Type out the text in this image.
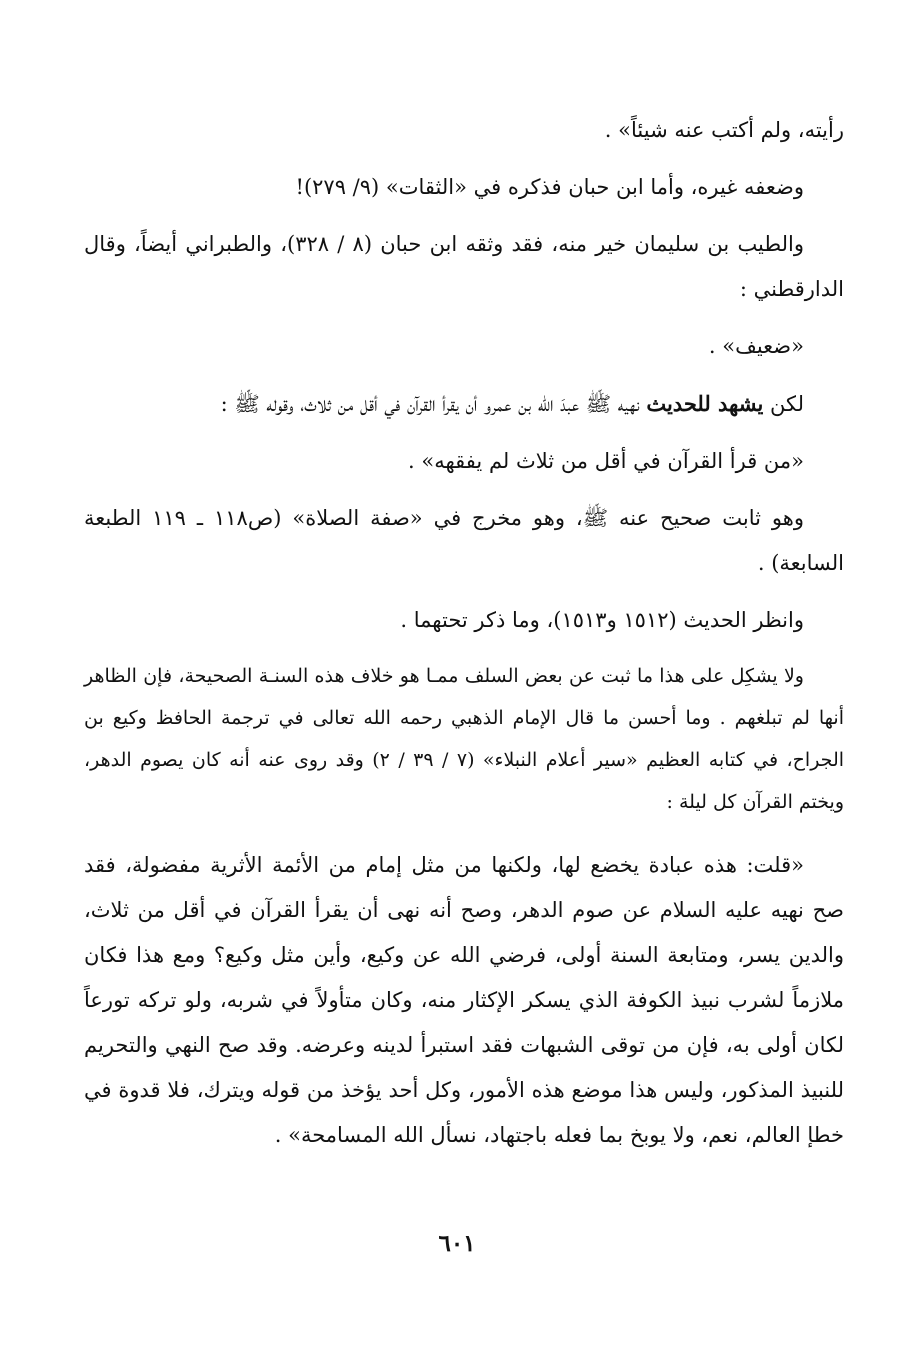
رأيته، ولم أكتب عنه شيئاً» .

وضعفه غيره، وأما ابن حبان فذكره في «الثقات» (٩/ ٢٧٩)!

والطيب بن سليمان خير منه، فقد وثقه ابن حبان (٨ / ٣٢٨)، والطبراني أيضاً، وقال الدارقطني :

«ضعيف» .

لكن يشهد للحديث نهيه ﷺ عبدَ الله بن عمرو أن يقرأ القرآن في أقل من ثلاث، وقوله ﷺ :

«من قرأ القرآن في أقل من ثلاث لم يفقهه» .

وهو ثابت صحيح عنه ﷺ، وهو مخرج في «صفة الصلاة» (ص١١٨ ـ ١١٩ الطبعة السابعة) .

وانظر الحديث (١٥١٢ و١٥١٣)، وما ذكر تحتهما .

ولا يشكِل على هذا ما ثبت عن بعض السلف ممـا هو خلاف هذه السنـة الصحيحة، فإن الظاهر أنها لم تبلغهم . وما أحسن ما قال الإمام الذهبي رحمه الله تعالى في ترجمة الحافظ وكيع بن الجراح، في كتابه العظيم «سير أعلام النبلاء» (٧ / ٣٩ / ٢) وقد روى عنه أنه كان يصوم الدهر، ويختم القرآن كل ليلة :

«قلت: هذه عبادة يخضع لها، ولكنها من مثل إمام من الأئمة الأثرية مفضولة، فقد صح نهيه عليه السلام عن صوم الدهر، وصح أنه نهى أن يقرأ القرآن في أقل من ثلاث، والدين يسر، ومتابعة السنة أولى، فرضي الله عن وكيع، وأين مثل وكيع؟ ومع هذا فكان ملازماً لشرب نبيذ الكوفة الذي يسكر الإكثار منه، وكان متأولاً في شربه، ولو تركه تورعاً لكان أولى به، فإن من توقى الشبهات فقد استبرأ لدينه وعرضه. وقد صح النهي والتحريم للنبيذ المذكور، وليس هذا موضع هذه الأمور، وكل أحد يؤخذ من قوله ويترك، فلا قدوة في خطإ العالم، نعم، ولا يوبخ بما فعله باجتهاد، نسأل الله المسامحة» .

٦٠١
